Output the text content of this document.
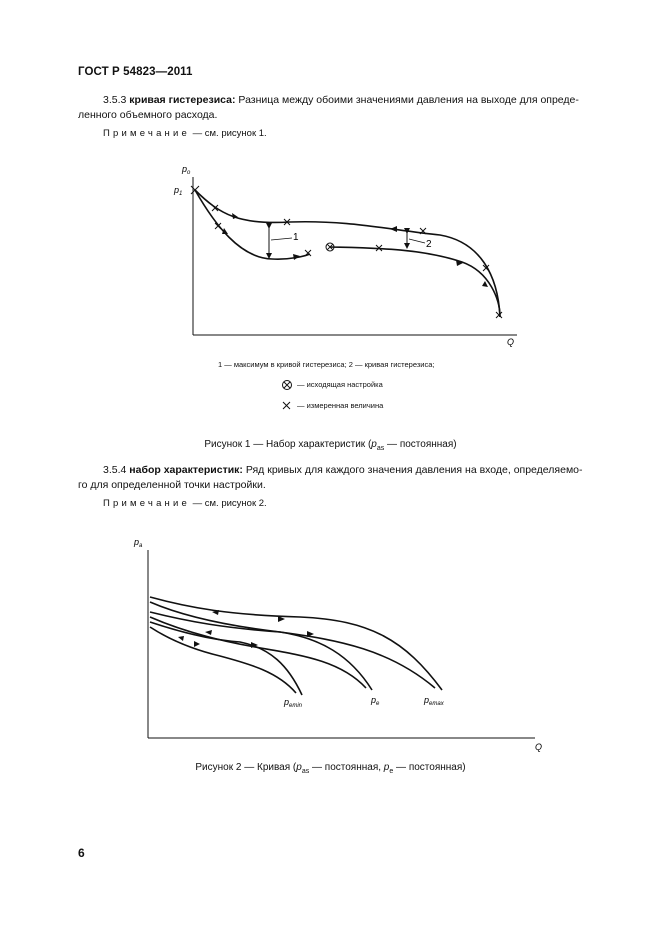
ГОСТ Р 54823—2011
3.5.3 кривая гистерезиса: Разница между обоими значениями давления на выходе для опреде-
ленного объемного расхода.
Примечание — см. рисунок 1.
$p_o$
Q
$p_1$
1
2
1 — максимум в кривой гистерезиса; 2 — кривая гистерезиса;
— исходящая настройка
— измеренная величина
Рисунок 1 — Набор характеристик ($p_{as}$ — постоянная)
3.5.4 набор характеристик: Ряд кривых для каждого значения давления на входе, определяемо-
го для определенной точки настройки.
Примечание — см. рисунок 2.
$p_a$
Q
$p_{emin}$
$p_e$	$p_{emax}$
Рисунок 2 — Кривая ($p_{as}$ — постоянная, $p_e$ — постоянная)
6
